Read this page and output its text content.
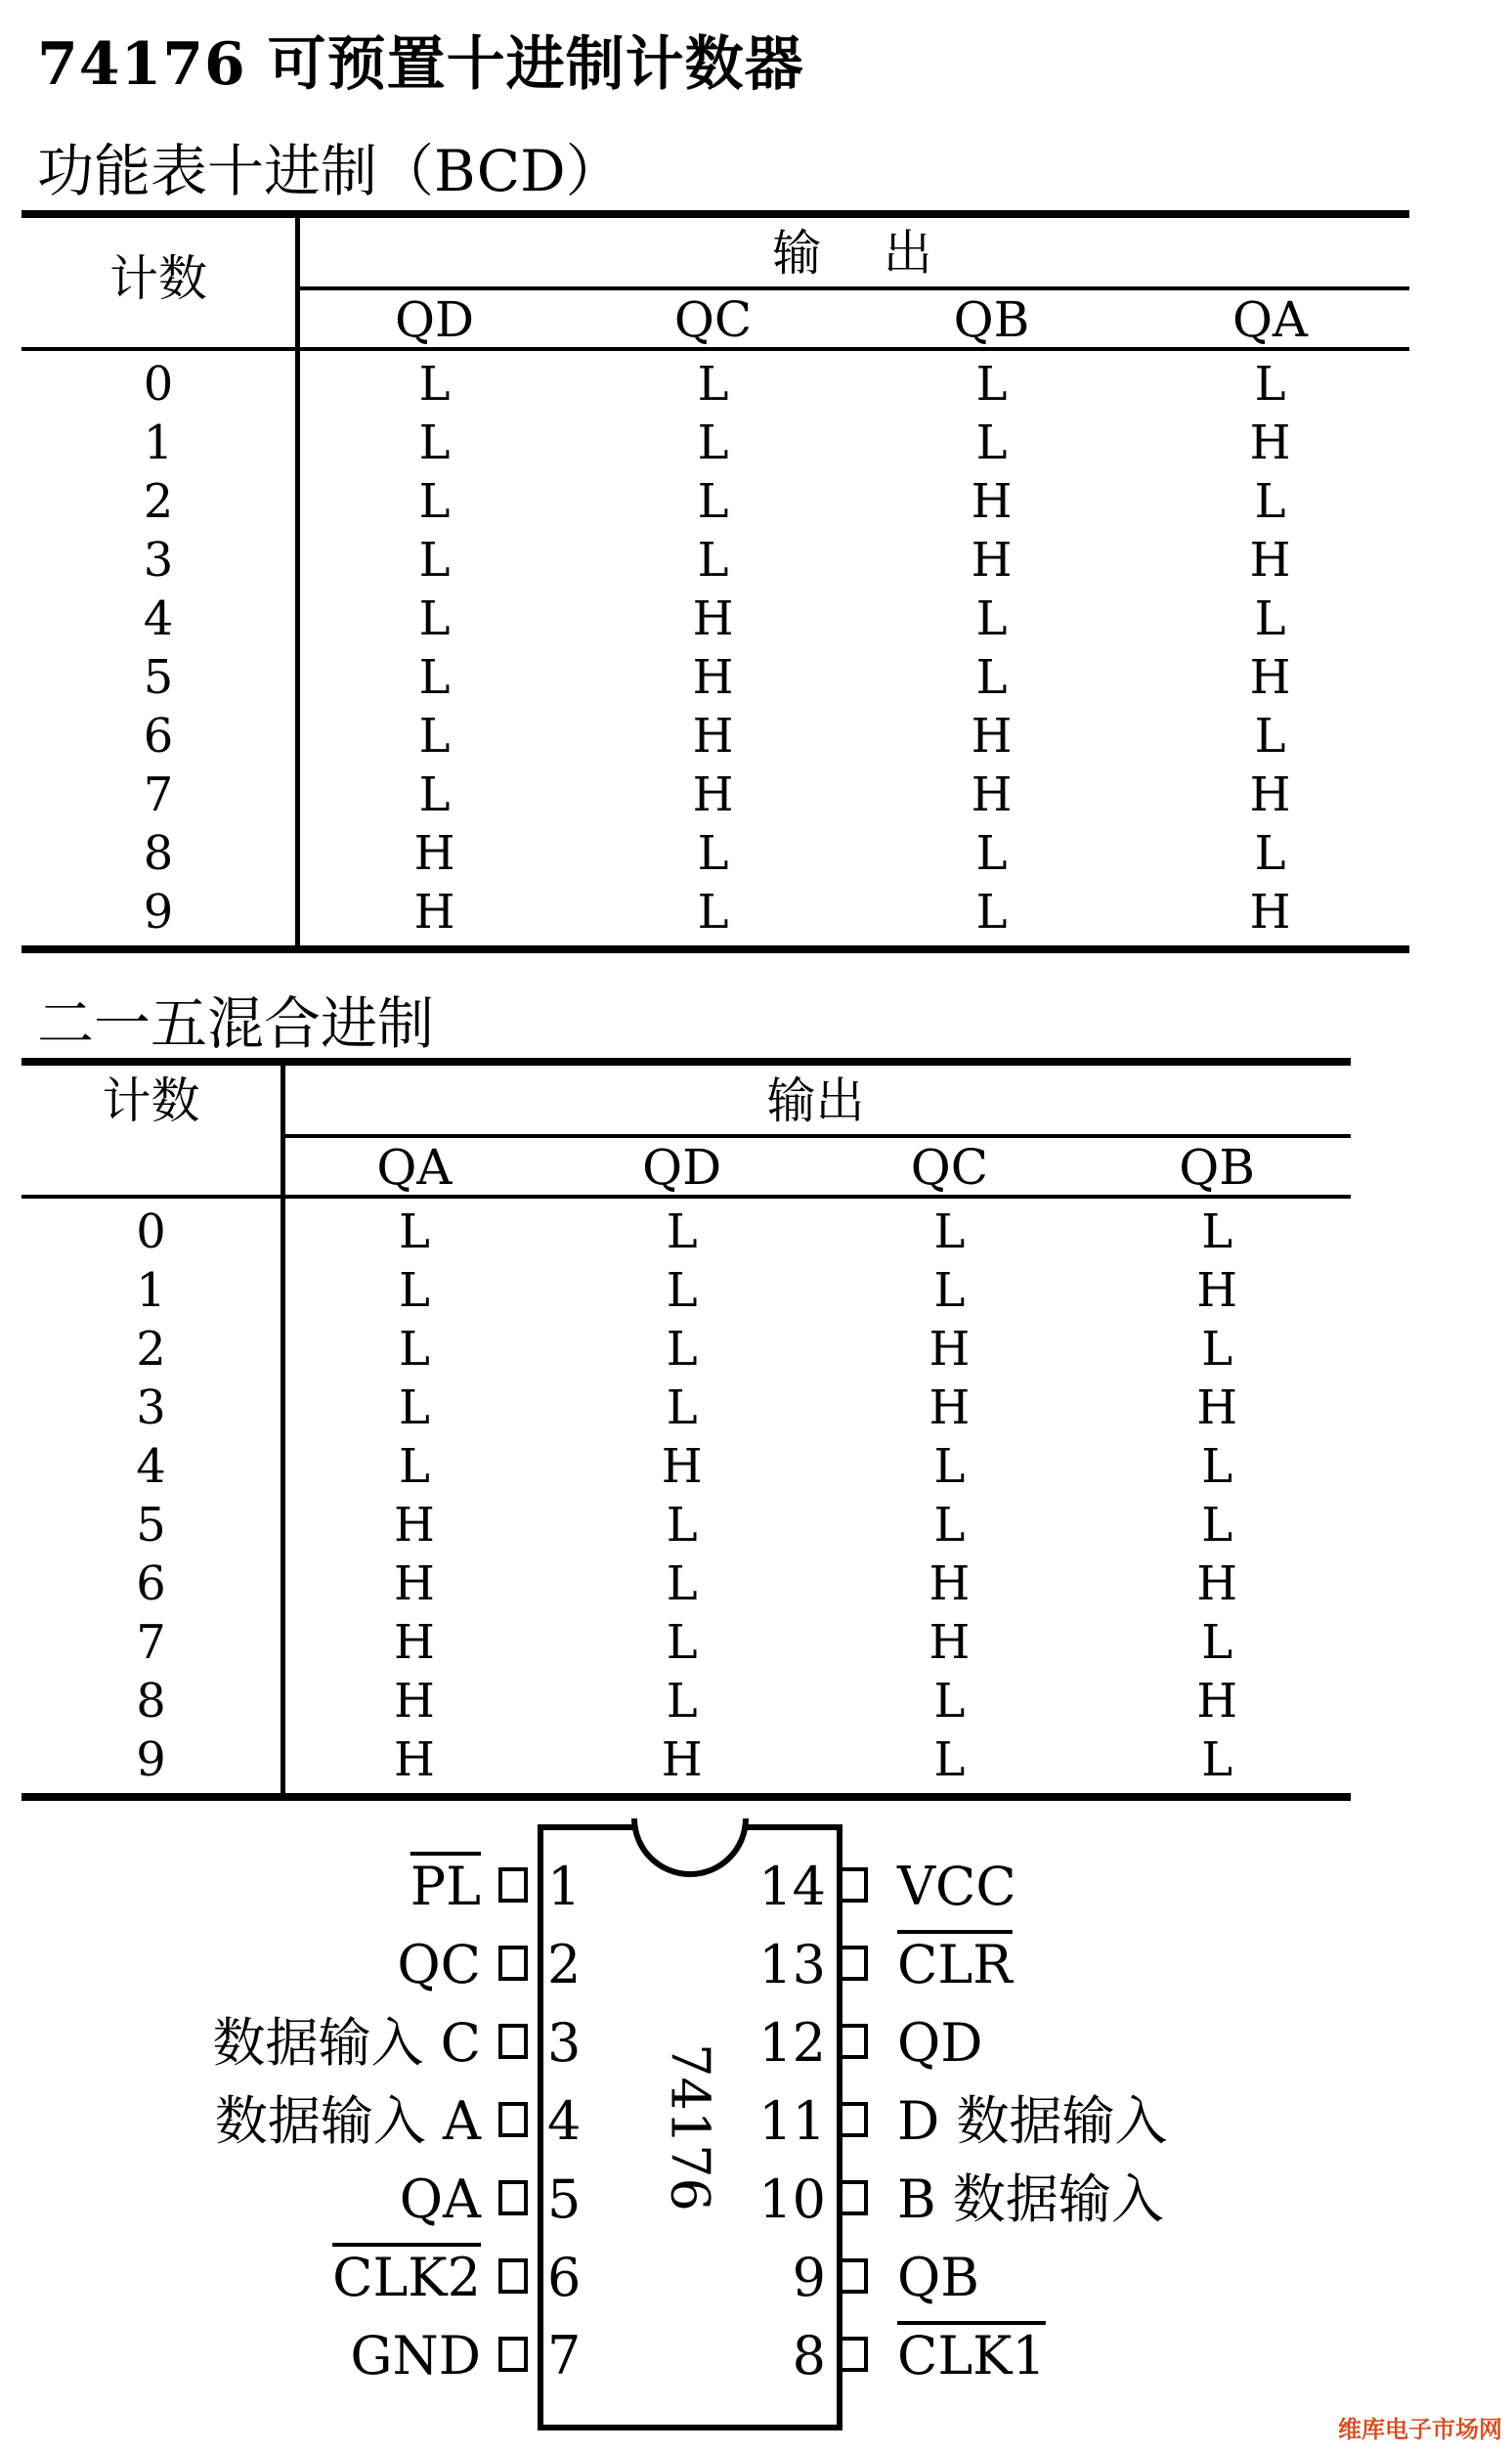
74176 可预置十进制计数器
功能表十进制（BCD）
计数	输    出
QD	QC	QB	QA
0	L	L	L	L
1	L	L	L	H
2	L	L	H	L
3	L	L	H	H
4	L	H	L	L
5	L	H	L	H
6	L	H	H	L
7	L	H	H	H
8	H	L	L	L
9	H	L	L	H
二一五混合进制
计数	输出
QA	QD	QC	QB
0	L	L	L	L
1	L	L	L	H
2	L	L	H	L
3	L	L	H	H
4	L	H	L	L
5	H	L	L	L
6	H	L	H	H
7	H	L	H	L
8	H	L	L	H
9	H	H	L	L
74176
1
$\overline{PL}$
2
QC
3
数据输入 C
4
数据输入 A
5
QA
6
CLK2
7
GND
14 VCC
13 $\overline{CLR}$
12 QD
11 D 数据输入
10 B 数据输入
9 QB
8 CLK1
维库电子市场网
